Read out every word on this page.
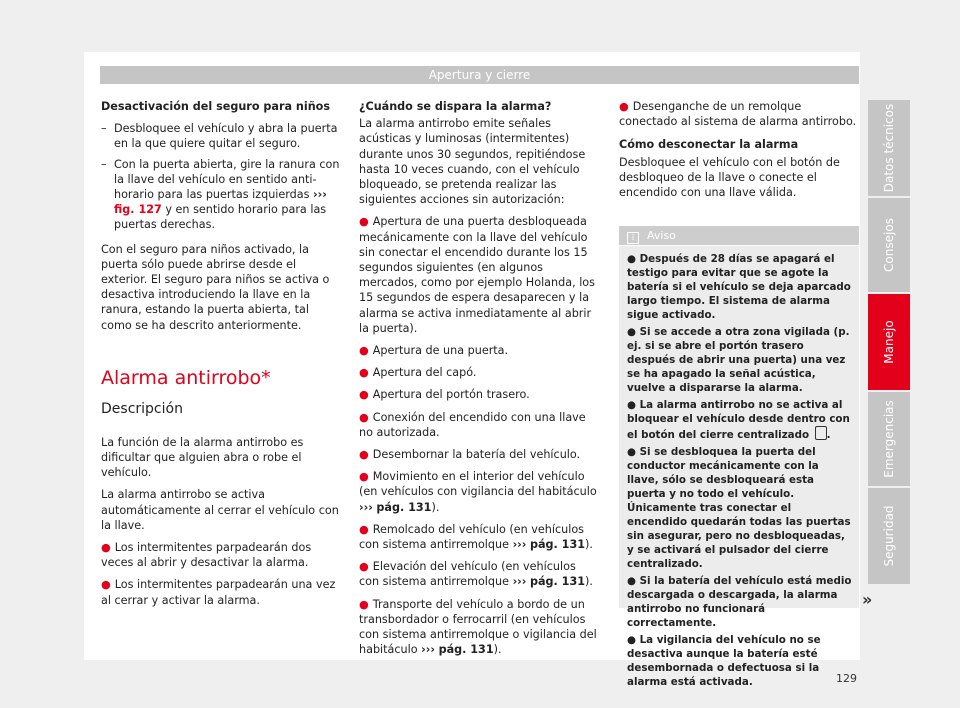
Apertura y cierre

Desactivación del seguro para niños

– Desbloquee el vehículo y abra la puerta en la que quiere quitar el seguro.
– Con la puerta abierta, gire la ranura con la llave del vehículo en sentido anti-horario para las puertas izquierdas ››› fig. 127 y en sentido horario para las puertas derechas.

Con el seguro para niños activado, la puerta sólo puede abrirse desde el exterior. El seguro para niños se activa o desactiva introduciendo la llave en la ranura, estando la puerta abierta, tal como se ha descrito anteriormente.

Alarma antirrobo*
Descripción

La función de la alarma antirrobo es dificultar que alguien abra o robe el vehículo.

La alarma antirrobo se activa automáticamente al cerrar el vehículo con la llave.

● Los intermitentes parpadearán dos veces al abrir y desactivar la alarma.

● Los intermitentes parpadearán una vez al cerrar y activar la alarma.

¿Cuándo se dispara la alarma?

La alarma antirrobo emite señales acústicas y luminosas (intermitentes) durante unos 30 segundos, repitiéndose hasta 10 veces cuando, con el vehículo bloqueado, se pretenda realizar las siguientes acciones sin autorización:

● Apertura de una puerta desbloqueada mecánicamente con la llave del vehículo sin conectar el encendido durante los 15 segundos siguientes (en algunos mercados, como por ejemplo Holanda, los 15 segundos de espera desaparecen y la alarma se activa inmediatamente al abrir la puerta).

● Apertura de una puerta.

● Apertura del capó.

● Apertura del portón trasero.

● Conexión del encendido con una llave no autorizada.

● Desembornar la batería del vehículo.

● Movimiento en el interior del vehículo (en vehículos con vigilancia del habitáculo ››› pág. 131).

● Remolcado del vehículo (en vehículos con sistema antirremolque ››› pág. 131).

● Elevación del vehículo (en vehículos con sistema antirremolque ››› pág. 131).

● Transporte del vehículo a bordo de un transbordador o ferrocarril (en vehículos con sistema antirremolque o vigilancia del habitáculo ››› pág. 131).

● Desenganche de un remolque conectado al sistema de alarma antirrobo.

Cómo desconectar la alarma

Desbloquee el vehículo con el botón de desbloqueo de la llave o conecte el encendido con una llave válida.

i Aviso

● Después de 28 días se apagará el testigo para evitar que se agote la batería si el vehículo se deja aparcado largo tiempo. El sistema de alarma sigue activado.

● Si se accede a otra zona vigilada (p. ej. si se abre el portón trasero después de abrir una puerta) una vez se ha apagado la señal acústica, vuelve a dispararse la alarma.

● La alarma antirrobo no se activa al bloquear el vehículo desde dentro con el botón del cierre centralizado .

● Si se desbloquea la puerta del conductor mecánicamente con la llave, sólo se desbloqueará esta puerta y no todo el vehículo. Únicamente tras conectar el encendido quedarán todas las puertas sin asegurar, pero no desbloqueadas, y se activará el pulsador del cierre centralizado.

● Si la batería del vehículo está medio descargada o descargada, la alarma antirrobo no funcionará correctamente.

● La vigilancia del vehículo no se desactiva aunque la batería esté desembornada o defectuosa si la alarma está activada.

»
Datos técnicos
Consejos
Manejo
Emergencias
Seguridad
129
